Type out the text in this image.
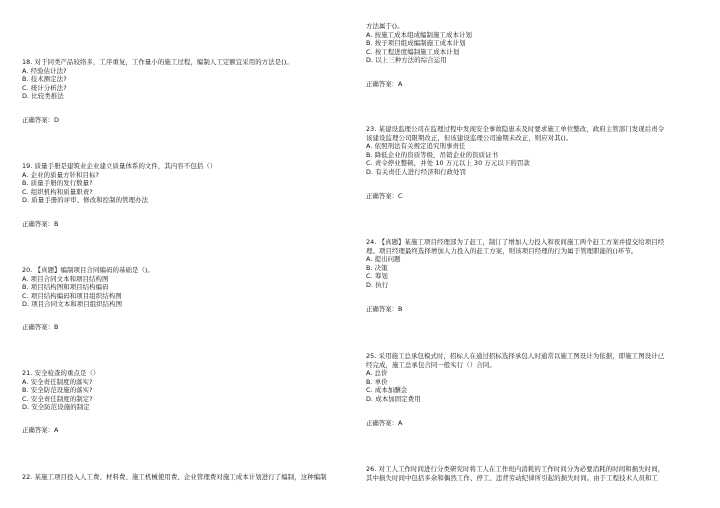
18. 对于同类产品较络多，工序重复，工作量小的施工过程，编制人工定额宜采用的方法是()。

A. 经验估计法?

B. 技术测定法?

C. 统计分析法?

D. 比较类推法

正确答案：D

19. 质量手册是建筑业企业建立质量体系的文件，其内容不包括（）

A. 企业的质量方针和目标?

B. 质量手册的发行数量?

C. 组织机构和质量职责?

D. 质量手册的评审、修改和控制的管理办法

正确答案：B

20. 【真题】编制项目合同编码的基础是（)。

A. 项目合同文本和项目结构图

B. 项目结构图和项目结构编码

C. 项目结构编码和项目组织结构图

D. 项目合同文本和项目组织结构图

正确答案：B

21. 安全检查的重点是（）

A. 安全责任制度的落实?

B. 安全防范设施的落实?

C. 安全责任制度的制定?

D. 安全防范设施的制定

正确答案：A

22. 某施工项目投入人工费、材料费、施工机械使用费、企业管理费对施工成本计划进行了编制，这种编制

方法属于()。

A. 按施工成本组成编制施工成本计划

B. 按子项目组成编制施工成本计划

C. 按工程进度编制施工成本计划

D. 以上三种方法的综合运用

正确答案：A

23. 某建设监理公司在监理过程中发现安全事故隐患未及时要求施工单位整改，政府主管部门发现后责令

该建设监理公司限期改正，但该建设监理公司逾期未改正，则应对其()。

A. 依照刑法有关规定追究刑事责任

B. 降低企业的资质等级，吊销企业的资质证书

C. 责令停业整顿，并处 10 万元以上 30 万元以下的罚款

D. 有关责任人进行经济和行政处罚

正确答案：C

24. 【真题】某施工项目经理部为了赶工，制订了增加人力投入和夜间施工两个赶工方案并提交给项目经

理。项目经理最终选择增加人力投入的赶工方案，则该项目经理的行为属于管理职能的()环节。

A. 提出问题

B. 决策

C. 筹划

D. 执行

正确答案：B

25. 采用施工总承包模式时，招标人在通过招标选择承包人时通常以施工图设计为依据，即施工图设计已

经完成，施工总承包合同一般实行（）合同。

A. 总价

B. 单价

C. 成本加酬金

D. 成本加固定费用

正确答案：A

26. 对工人工作时间进行分类研究时将工人在工作班内消耗的工作时间分为必要消耗的时间和损失时间，

其中损失时间中包括多余和偶然工作、停工、违背劳动纪律所引起的损失时间。由于工程技术人员和工
